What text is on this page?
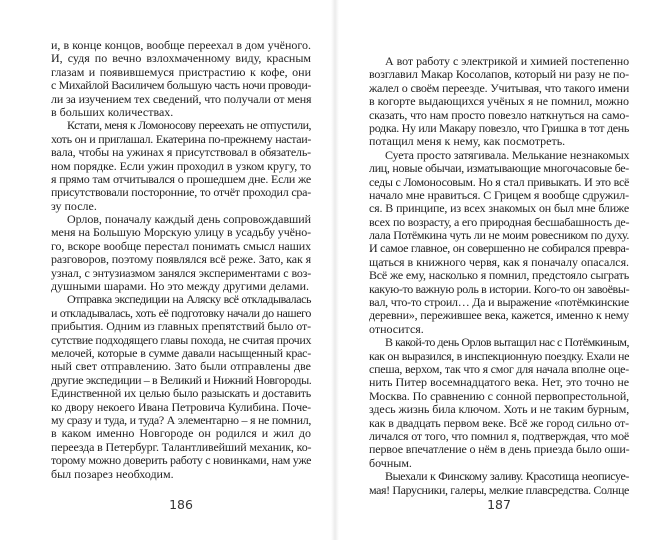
и, в конце концов, вообще переехал в дом учёного.
И, судя по вечно взлохмаченному виду, красным
глазам и появившемуся пристрастию к кофе, они
с Михайлой Василичем большую часть ночи проводи-
ли за изучением тех сведений, что получали от меня
в больших количествах.
Кстати, меня к Ломоносову переехать не отпустили,
хоть он и приглашал. Екатерина по-прежнему настаи-
вала, чтобы на ужинах я присутствовал в обязатель-
ном порядке. Если ужин проходил в узком кругу, то
я прямо там отчитывался о прошедшем дне. Если же
присутствовали посторонние, то отчёт проходил сра-
зу после.
Орлов, поначалу каждый день сопровождавший
меня на Большую Морскую улицу в усадьбу учёно-
го, вскоре вообще перестал понимать смысл наших
разговоров, поэтому появлялся всё реже. Зато, как я
узнал, с энтузиазмом занялся экспериментами с воз-
душными шарами. Но это между другими делами.
Отправка экспедиции на Аляску всё откладывалась
и откладывалась, хоть её подготовку начали до нашего
прибытия. Одним из главных препятствий было от-
сутствие подходящего главы похода, не считая прочих
мелочей, которые в сумме давали насыщенный крас-
ный свет отправлению. Зато были отправлены две
другие экспедиции – в Великий и Нижний Новгороды.
Единственной их целью было разыскать и доставить
ко двору некоего Ивана Петровича Кулибина. Поче-
му сразу и туда, и туда? А элементарно – я не помнил,
в каком именно Новгороде он родился и жил до
переезда в Петербург. Талантливейший механик, ко-
торому можно доверить работу с новинками, нам уже
был позарез необходим.
А вот работу с электрикой и химией постепенно
возглавил Макар Косолапов, который ни разу не по-
жалел о своём переезде. Учитывая, что такого имени
в когорте выдающихся учёных я не помнил, можно
сказать, что нам просто повезло наткнуться на само-
родка. Ну или Макару повезло, что Гришка в тот день
потащил меня к нему, как посмотреть.
Суета просто затягивала. Мелькание незнакомых
лиц, новые обычаи, изматывающие многочасовые бе-
седы с Ломоносовым. Но я стал привыкать. И это всё
начало мне нравиться. С Грицем я вообще сдружил-
ся. В принципе, из всех знакомых он был мне ближе
всех по возрасту, а его природная бесшабашность де-
лала Потёмкина чуть ли не моим ровесником по духу.
И самое главное, он совершенно не собирался превра-
щаться в книжного червя, как я поначалу опасался.
Всё же ему, насколько я помнил, предстояло сыграть
какую-то важную роль в истории. Кого-то он завоёвы-
вал, что-то строил… Да и выражение «потёмкинские
деревни», пережившее века, кажется, именно к нему
относится.
В какой-то день Орлов вытащил нас с Потёмкиным,
как он выразился, в инспекционную поездку. Ехали не
спеша, верхом, так что я смог для начала вполне оце-
нить Питер восемнадцатого века. Нет, это точно не
Москва. По сравнению с сонной первопрестольной,
здесь жизнь била ключом. Хоть и не таким бурным,
как в двадцать первом веке. Всё же город сильно от-
личался от того, что помнил я, подтверждая, что моё
первое впечатление о нём в день приезда было оши-
бочным.
Выехали к Финскому заливу. Красотища неописуе-
мая! Парусники, галеры, мелкие плавсредства. Солнце
186	187
